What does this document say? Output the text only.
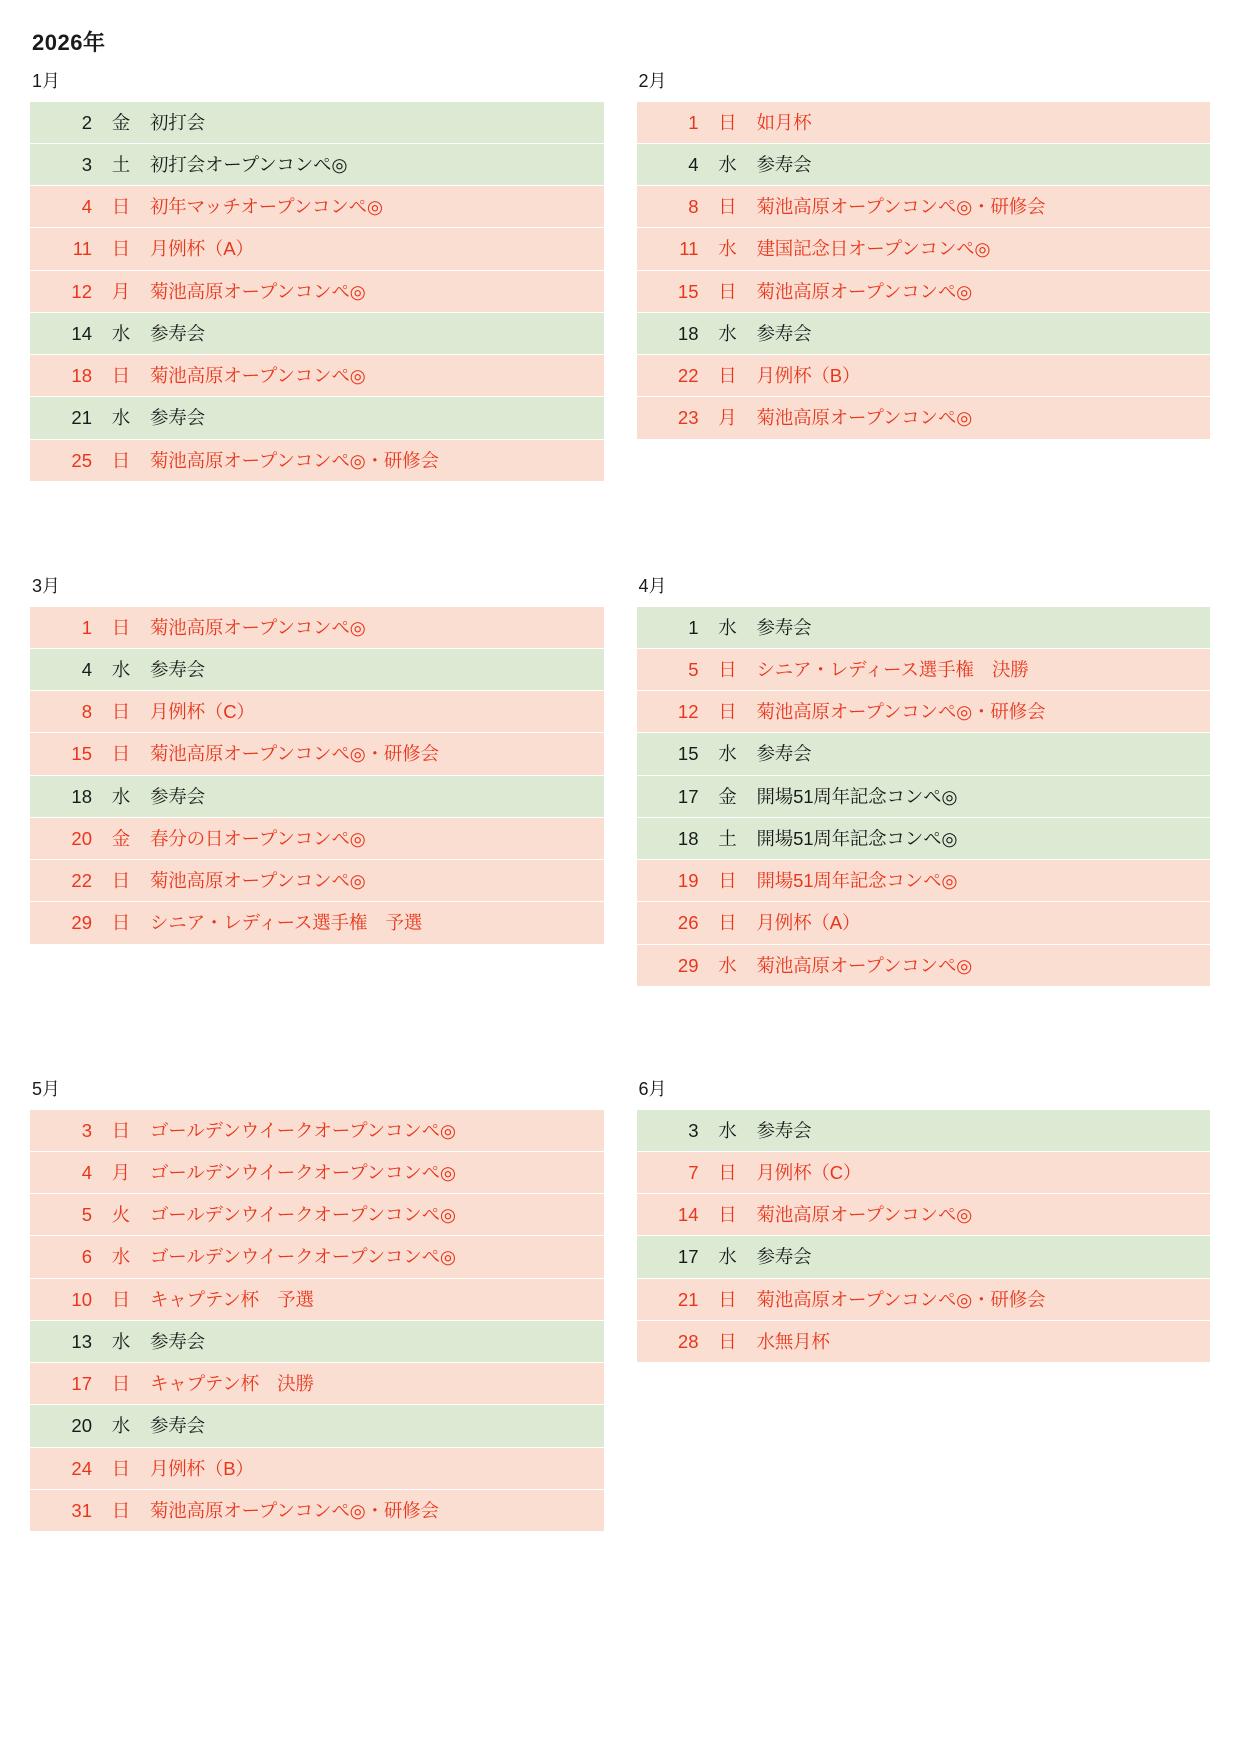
2026年
1月
2	金	初打会
3	土	初打会オープンコンペ◎
4	日	初年マッチオープンコンペ◎
11	日	月例杯（A）
12	月	菊池高原オープンコンペ◎
14	水	参寿会
18	日	菊池高原オープンコンペ◎
21	水	参寿会
25	日	菊池高原オープンコンペ◎・研修会
2月
1	日	如月杯
4	水	参寿会
8	日	菊池高原オープンコンペ◎・研修会
11	水	建国記念日オープンコンペ◎
15	日	菊池高原オープンコンペ◎
18	水	参寿会
22	日	月例杯（B）
23	月	菊池高原オープンコンペ◎
3月
1	日	菊池高原オープンコンペ◎
4	水	参寿会
8	日	月例杯（C）
15	日	菊池高原オープンコンペ◎・研修会
18	水	参寿会
20	金	春分の日オープンコンペ◎
22	日	菊池高原オープンコンペ◎
29	日	シニア・レディース選手権　予選
4月
1	水	参寿会
5	日	シニア・レディース選手権　決勝
12	日	菊池高原オープンコンペ◎・研修会
15	水	参寿会
17	金	開場51周年記念コンペ◎
18	土	開場51周年記念コンペ◎
19	日	開場51周年記念コンペ◎
26	日	月例杯（A）
29	水	菊池高原オープンコンペ◎
5月
3	日	ゴールデンウイークオープンコンペ◎
4	月	ゴールデンウイークオープンコンペ◎
5	火	ゴールデンウイークオープンコンペ◎
6	水	ゴールデンウイークオープンコンペ◎
10	日	キャプテン杯　予選
13	水	参寿会
17	日	キャプテン杯　決勝
20	水	参寿会
24	日	月例杯（B）
31	日	菊池高原オープンコンペ◎・研修会
6月
3	水	参寿会
7	日	月例杯（C）
14	日	菊池高原オープンコンペ◎
17	水	参寿会
21	日	菊池高原オープンコンペ◎・研修会
28	日	水無月杯
